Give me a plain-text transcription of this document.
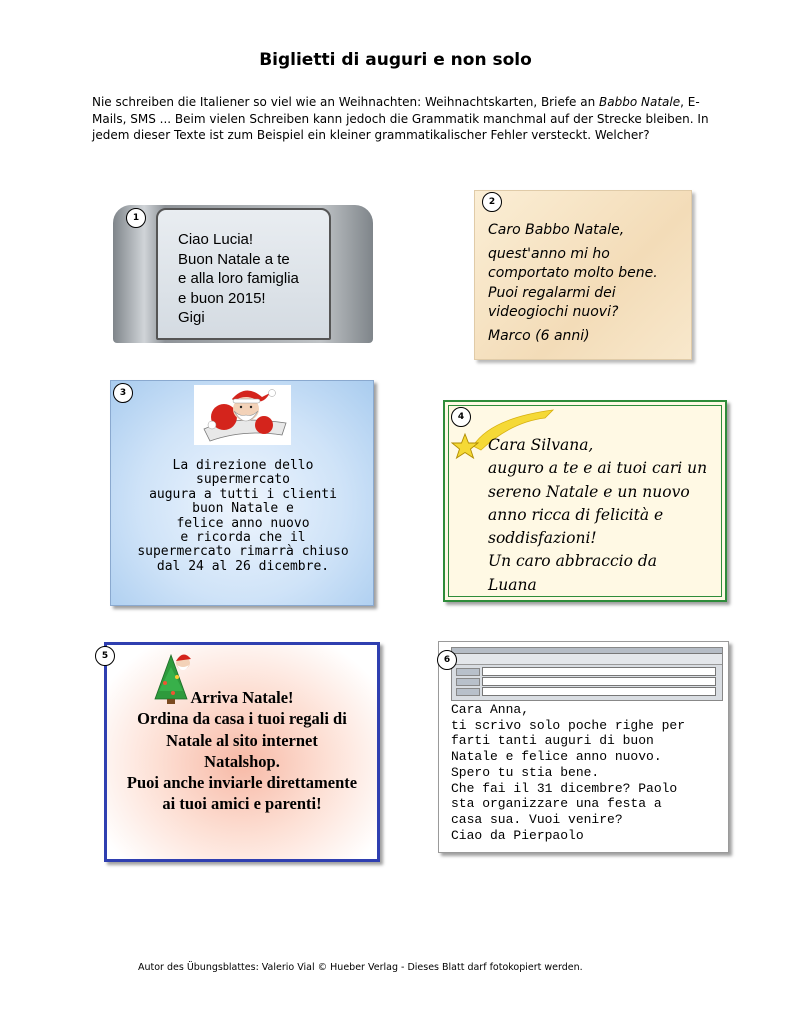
Biglietti di auguri e non solo
Nie schreiben die Italiener so viel wie an Weihnachten: Weihnachtskarten, Briefe an Babbo Natale, E-Mails, SMS ... Beim vielen Schreiben kann jedoch die Grammatik manchmal auf der Strecke bleiben. In jedem dieser Texte ist zum Beispiel ein kleiner grammatikalischer Fehler versteckt. Welcher?
1
Ciao Lucia!
Buon Natale a te
e alla loro famiglia
e buon 2015!
Gigi
Caro Babbo Natale,
quest'anno mi ho
comportato molto bene.
Puoi regalarmi dei
videogiochi nuovi?
Marco (6 anni)
2
La direzione dello
supermercato
augura a tutti i clienti
buon Natale e
felice anno nuovo
e ricorda che il
supermercato rimarrà chiuso
dal 24 al 26 dicembre.
3
Cara Silvana,
auguro a te e ai tuoi cari un
sereno Natale e un nuovo
anno ricca di felicità e
soddisfazioni!
Un caro abbraccio da
Luana
4
Arriva Natale!
Ordina da casa i tuoi regali di
Natale al sito internet
Natalshop.
Puoi anche inviarle direttamente
ai tuoi amici e parenti!
5
Cara Anna,
ti scrivo solo poche righe per
farti tanti auguri di buon
Natale e felice anno nuovo.
Spero tu stia bene.
Che fai il 31 dicembre? Paolo
sta organizzare una festa a
casa sua. Vuoi venire?
Ciao da Pierpaolo
6
Autor des Übungsblattes: Valerio Vial © Hueber Verlag - Dieses Blatt darf fotokopiert werden.
